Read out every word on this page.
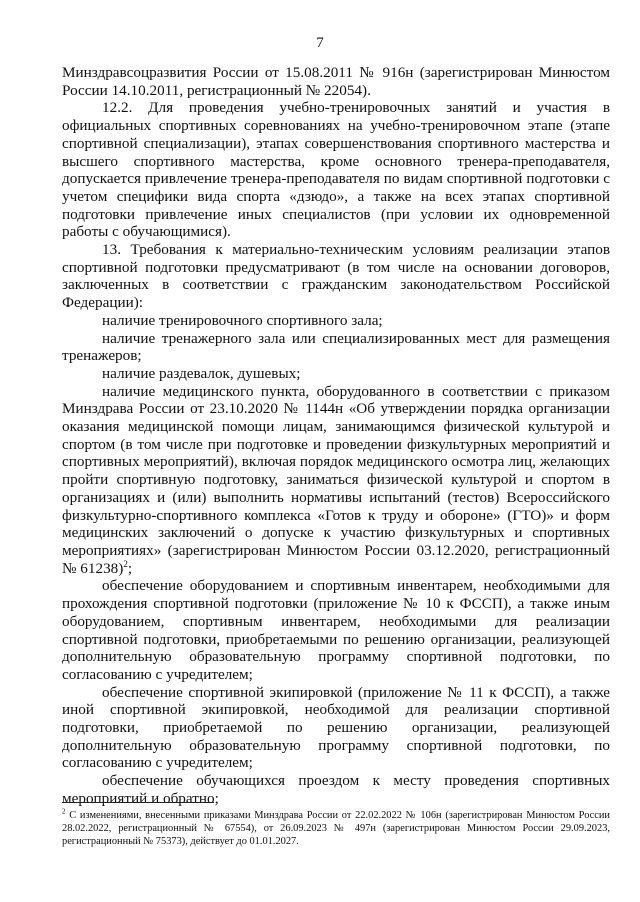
7

Минздравсоцразвития России от 15.08.2011 № 916н (зарегистрирован Минюстом России 14.10.2011, регистрационный № 22054).

12.2. Для проведения учебно-тренировочных занятий и участия в официальных спортивных соревнованиях на учебно-тренировочном этапе (этапе спортивной специализации), этапах совершенствования спортивного мастерства и высшего спортивного мастерства, кроме основного тренера-преподавателя, допускается привлечение тренера-преподавателя по видам спортивной подготовки с учетом специфики вида спорта «дзюдо», а также на всех этапах спортивной подготовки привлечение иных специалистов (при условии их одновременной работы с обучающимися).

13. Требования к материально-техническим условиям реализации этапов спортивной подготовки предусматривают (в том числе на основании договоров, заключенных в соответствии с гражданским законодательством Российской Федерации):

наличие тренировочного спортивного зала;

наличие тренажерного зала или специализированных мест для размещения тренажеров;

наличие раздевалок, душевых;

наличие медицинского пункта, оборудованного в соответствии с приказом Минздрава России от 23.10.2020 № 1144н «Об утверждении порядка организации оказания медицинской помощи лицам, занимающимся физической культурой и спортом (в том числе при подготовке и проведении физкультурных мероприятий и спортивных мероприятий), включая порядок медицинского осмотра лиц, желающих пройти спортивную подготовку, заниматься физической культурой и спортом в организациях и (или) выполнить нормативы испытаний (тестов) Всероссийского физкультурно-спортивного комплекса «Готов к труду и обороне» (ГТО)» и форм медицинских заключений о допуске к участию физкультурных и спортивных мероприятиях» (зарегистрирован Минюстом России 03.12.2020, регистрационный № 61238)$^2$;

обеспечение оборудованием и спортивным инвентарем, необходимыми для прохождения спортивной подготовки (приложение № 10 к ФССП), а также иным оборудованием, спортивным инвентарем, необходимыми для реализации спортивной подготовки, приобретаемыми по решению организации, реализующей дополнительную образовательную программу спортивной подготовки, по согласованию с учредителем;

обеспечение спортивной экипировкой (приложение № 11 к ФССП), а также иной спортивной экипировкой, необходимой для реализации спортивной подготовки, приобретаемой по решению организации, реализующей дополнительную образовательную программу спортивной подготовки, по согласованию с учредителем;

обеспечение обучающихся проездом к месту проведения спортивных мероприятий и обратно;

$^2$ С изменениями, внесенными приказами Минздрава России от 22.02.2022 № 106н (зарегистрирован Минюстом России 28.02.2022, регистрационный № 67554), от 26.09.2023 № 497н (зарегистрирован Минюстом России 29.09.2023, регистрационный № 75373), действует до 01.01.2027.
